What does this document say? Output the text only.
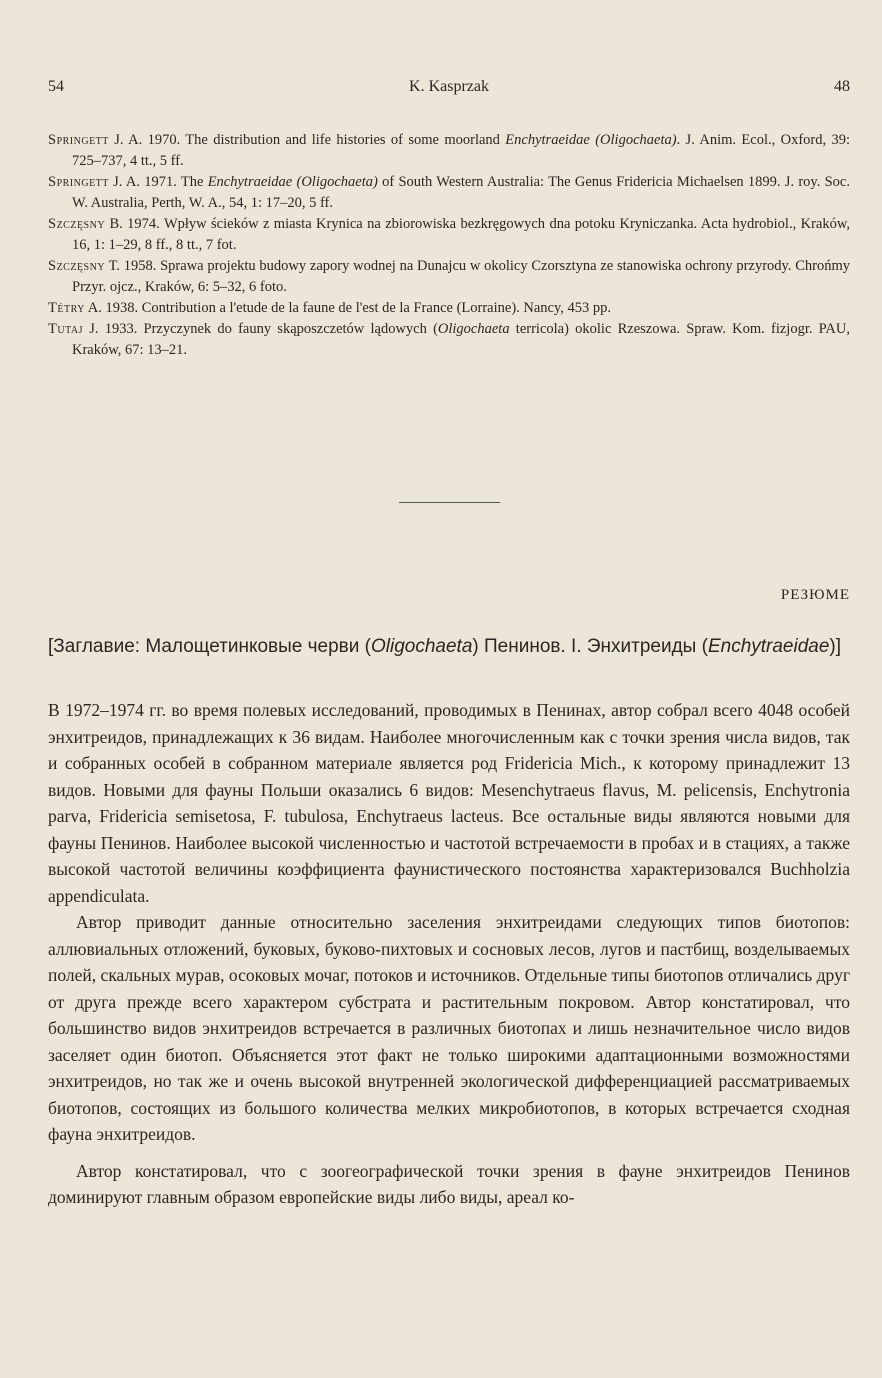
54	K. Kasprzak	48

Springett J. A. 1970. The distribution and life histories of some moorland Enchytraeidae (Oligochaeta). J. Anim. Ecol., Oxford, 39: 725–737, 4 tt., 5 ff.

Springett J. A. 1971. The Enchytraeidae (Oligochaeta) of South Western Australia: The Genus Fridericia Michaelsen 1899. J. roy. Soc. W. Australia, Perth, W. A., 54, 1: 17–20, 5 ff.

Szczęsny B. 1974. Wpływ ścieków z miasta Krynica na zbiorowiska bezkręgowych dna potoku Kryniczanka. Acta hydrobiol., Kraków, 16, 1: 1–29, 8 ff., 8 tt., 7 fot.

Szczęsny T. 1958. Sprawa projektu budowy zapory wodnej na Dunajcu w okolicy Czorsztyna ze stanowiska ochrony przyrody. Chrońmy Przyr. ojcz., Kraków, 6: 5–32, 6 foto.

Tétry A. 1938. Contribution a l'etude de la faune de l'est de la France (Lorraine). Nancy, 453 pp.

Tutaj J. 1933. Przyczynek do fauny skąposzczetów lądowych (Oligochaeta terricola) okolic Rzeszowa. Spraw. Kom. fizjogr. PAU, Kraków, 67: 13–21.

РЕЗЮМЕ
[Заглавие: Малощетинковые черви (Oligochaeta) Пенинов. I. Энхитреиды (Enchytraeidae)]

В 1972–1974 гг. во время полевых исследований, проводимых в Пенинах, автор собрал всего 4048 особей энхитреидов, принадлежащих к 36 видам. Наиболее многочисленным как с точки зрения числа видов, так и собранных особей в собранном материале является род Fridericia Mich., к которому принадлежит 13 видов. Новыми для фауны Польши оказались 6 видов: Mesenchytraeus flavus, M. pelicensis, Enchytronia parva, Fridericia semisetosa, F. tubulosa, Enchytraeus lacteus. Все остальные виды являются новыми для фауны Пенинов. Наиболее высокой численностью и частотой встречаемости в пробах и в стациях, а также высокой частотой величины коэффициента фаунистического постоянства характеризовался Buchholzia appendiculata.

Автор приводит данные относительно заселения энхитреидами следующих типов биотопов: аллювиальных отложений, буковых, буково-пихтовых и сосновых лесов, лугов и пастбищ, возделываемых полей, скальных мурав, осоковых мочаг, потоков и источников. Отдельные типы биотопов отличались друг от друга прежде всего характером субстрата и растительным покровом. Автор констатировал, что большинство видов энхитреидов встречается в различных биотопах и лишь незначительное число видов заселяет один биотоп. Объясняется этот факт не только широкими адаптационными возможностями энхитреидов, но так же и очень высокой внутренней экологической дифференциацией рассматриваемых биотопов, состоящих из большого количества мелких микробиотопов, в которых встречается сходная фауна энхитреидов.

Автор констатировал, что с зоогеографической точки зрения в фауне энхитреидов Пенинов доминируют главным образом европейские виды либо виды, ареал ко-
